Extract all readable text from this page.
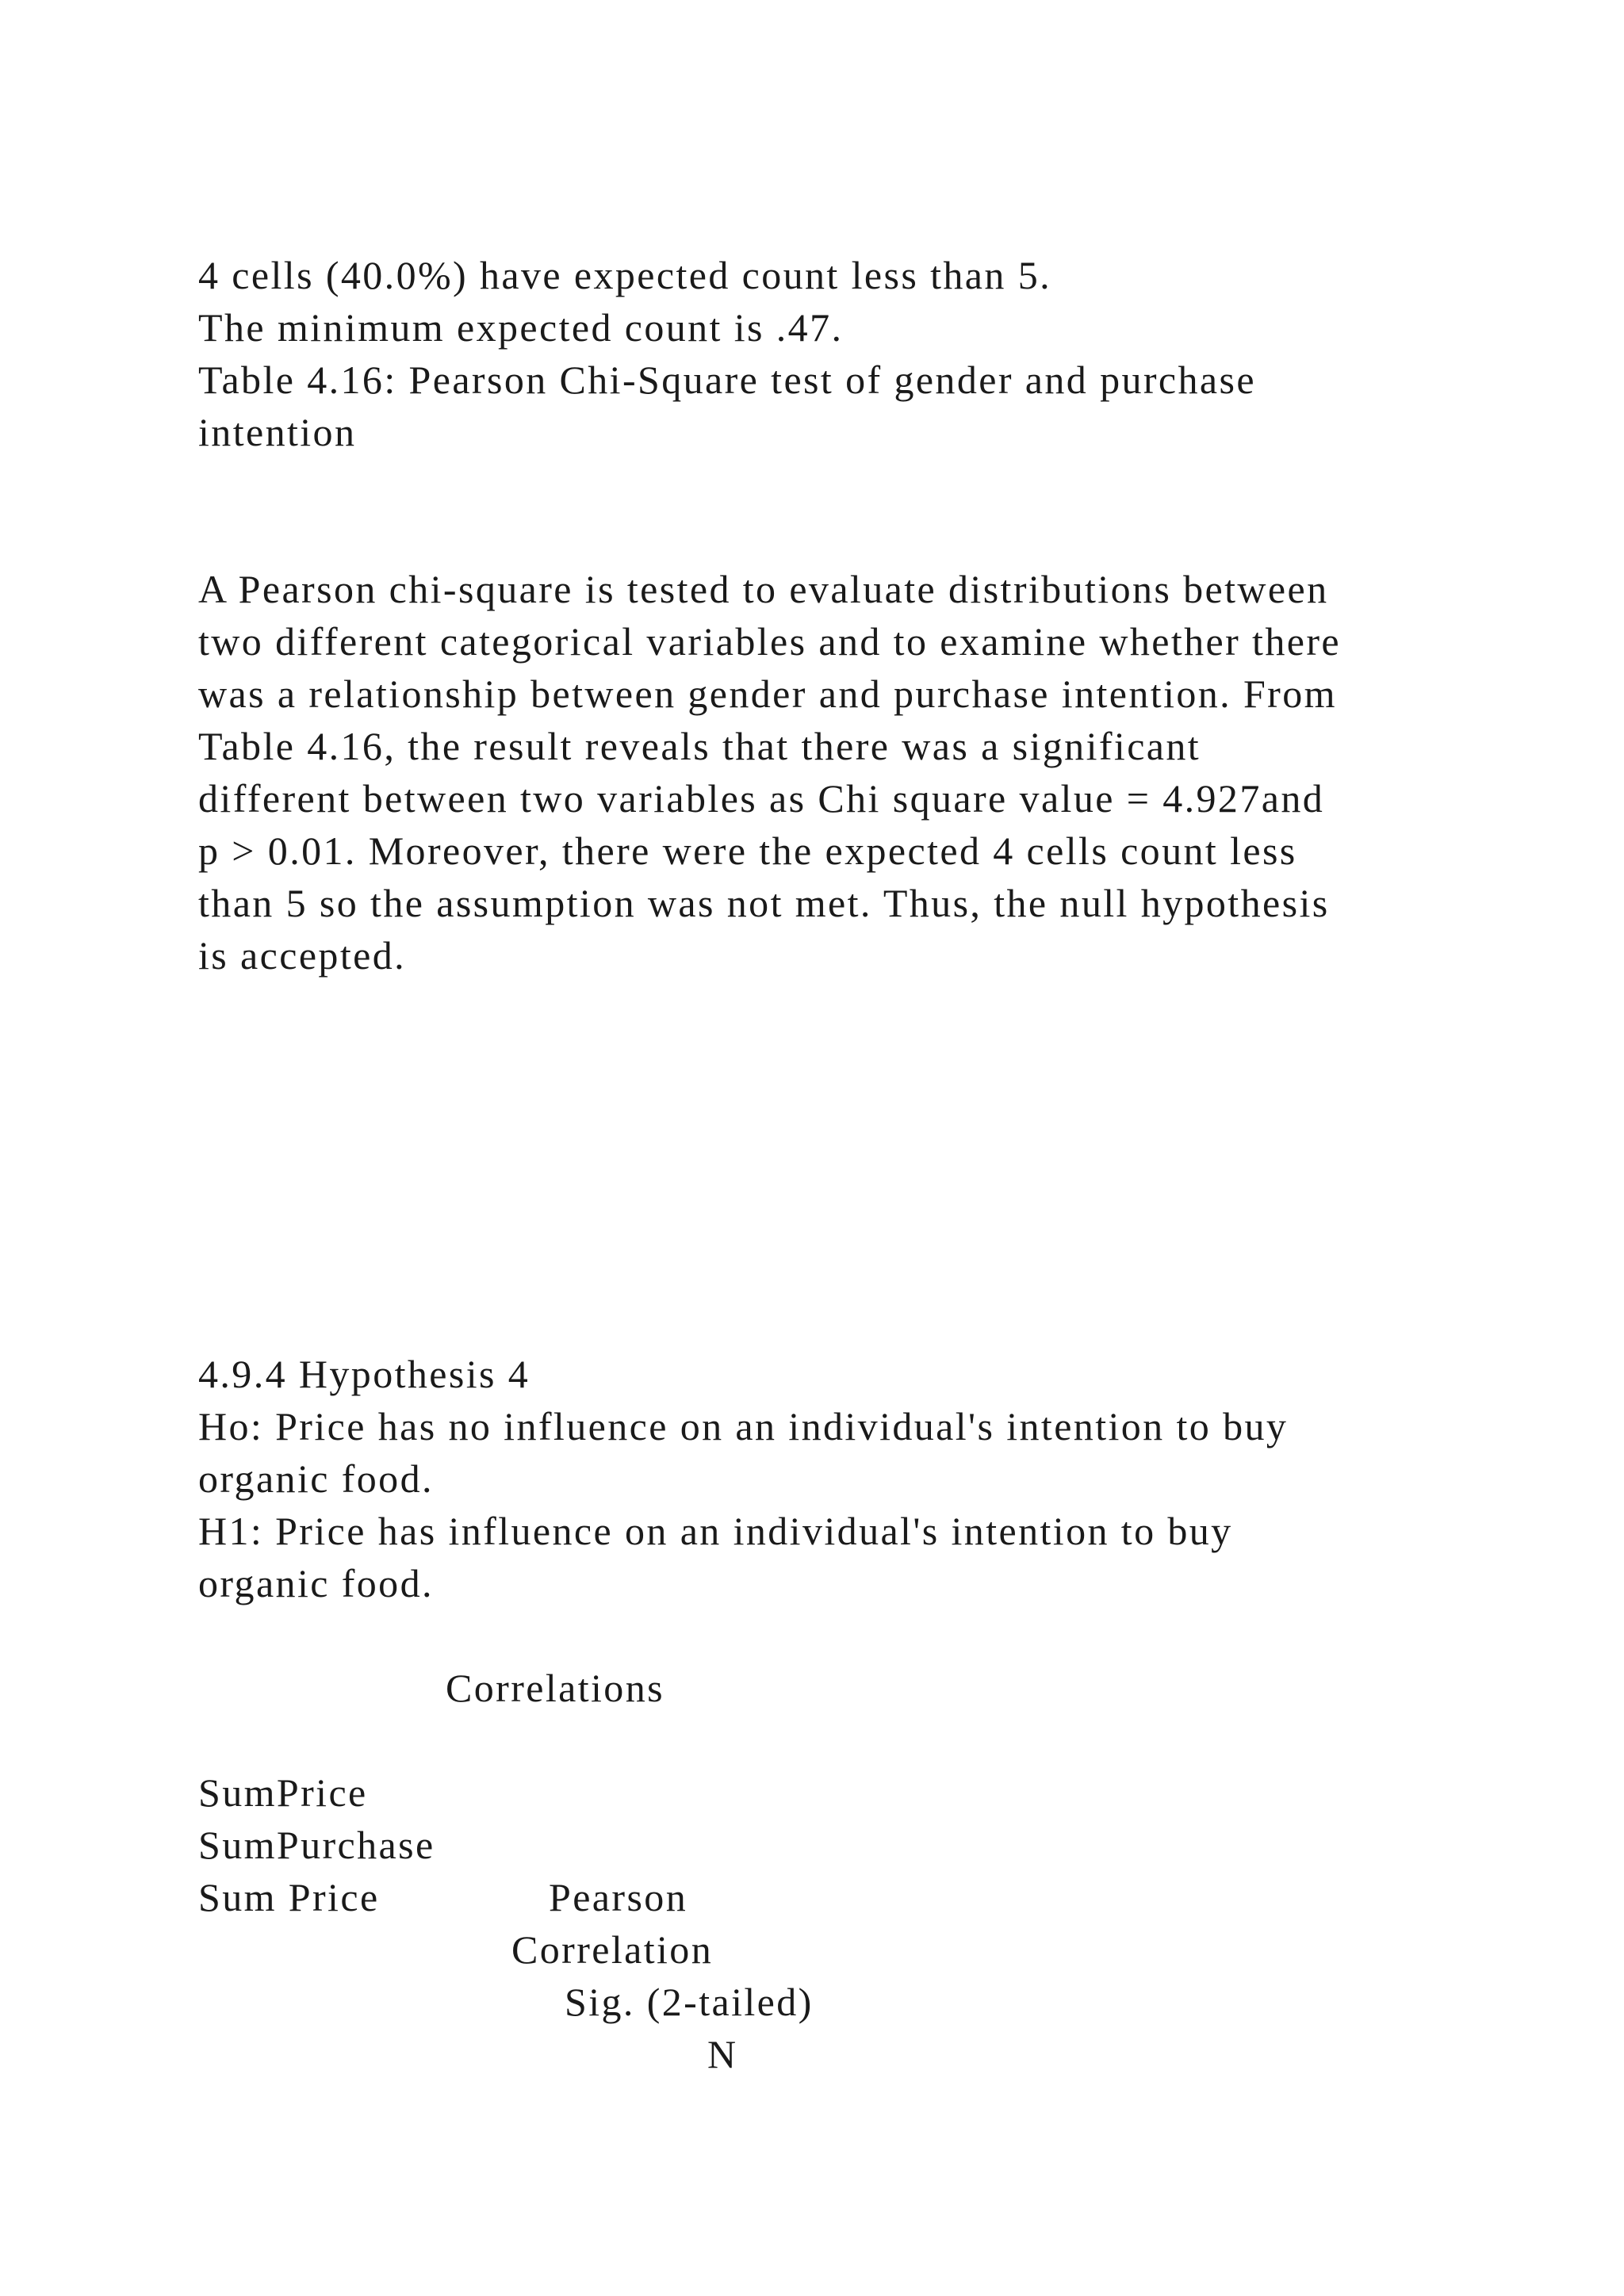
4 cells (40.0%) have expected count less than 5.

The minimum expected count is .47.

Table 4.16: Pearson Chi-Square test of gender and purchase

intention

A Pearson chi-square is tested to evaluate distributions between

two different categorical variables and to examine whether there

was a relationship between gender and purchase intention. From

Table 4.16, the result reveals that there was a significant

different between two variables as Chi square value = 4.927and

p > 0.01. Moreover, there were the expected 4 cells count less

than 5 so the assumption was not met. Thus, the null hypothesis

is accepted.

4.9.4 Hypothesis 4

Ho: Price has no influence on an individual's intention to buy

organic food.

H1: Price has influence on an individual's intention to buy

organic food.

Correlations

SumPrice

SumPurchase

Sum Price	Pearson

Correlation

Sig. (2-tailed)

N
